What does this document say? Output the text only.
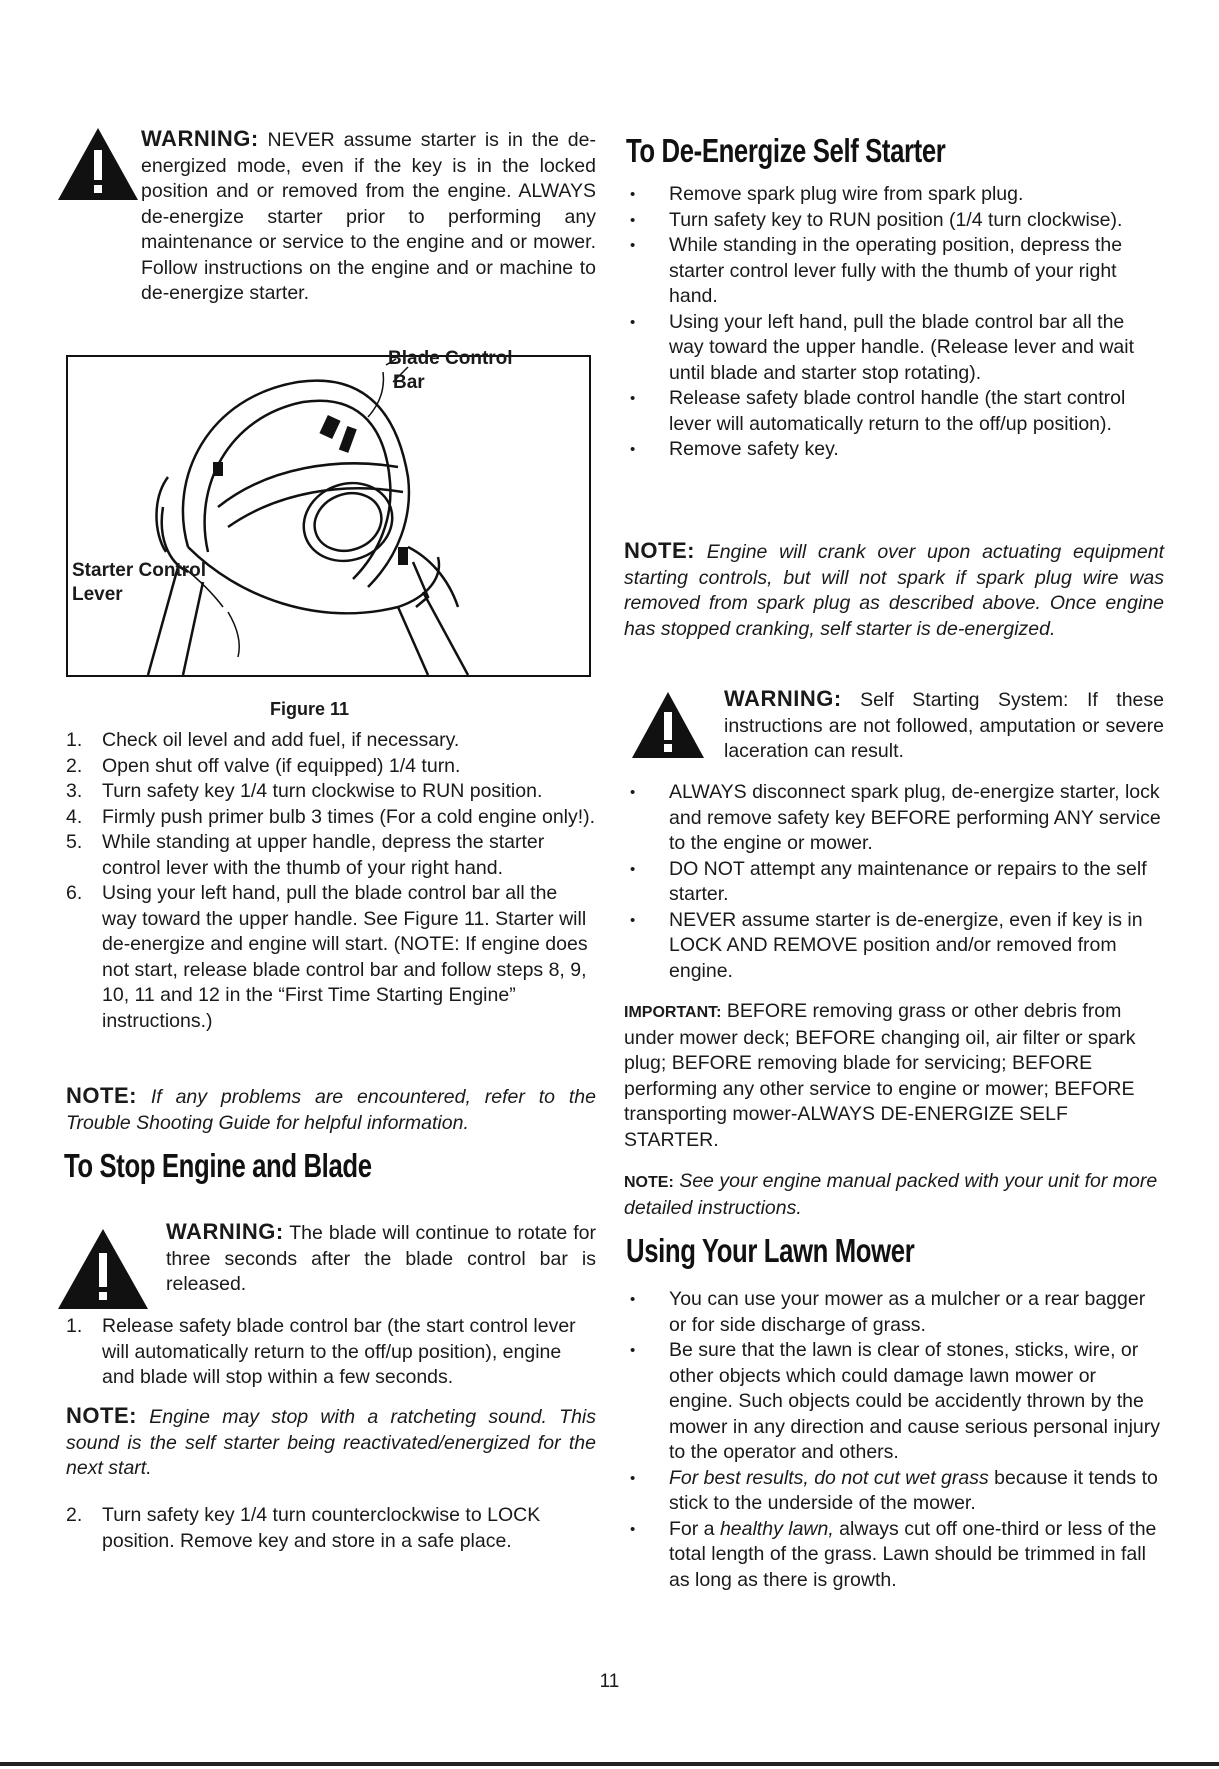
WARNING: NEVER assume starter is in the de-energized mode, even if the key is in the locked position and or removed from the engine. ALWAYS de-energize starter prior to performing any maintenance or service to the engine and or mower. Follow instructions on the engine and or machine to de-energize starter.
Blade Control
Bar
Starter Control
Lever
Figure 11
1.	Check oil level and add fuel, if necessary.
2.	Open shut off valve (if equipped) 1/4 turn.
3.	Turn safety key 1/4 turn clockwise to RUN position.
4.	Firmly push primer bulb 3 times (For a cold engine only!).
5.	While standing at upper handle, depress the starter control lever with the thumb of your right hand.
6.	Using your left hand, pull the blade control bar all the way toward the upper handle. See Figure 11. Starter will de-energize and engine will start. (NOTE: If engine does not start, release blade control bar and follow steps 8, 9, 10, 11 and 12 in the “First Time Starting Engine” instructions.)
NOTE: If any problems are encountered, refer to the Trouble Shooting Guide for helpful information.
To Stop Engine and Blade
WARNING: The blade will continue to rotate for three seconds after the blade control bar is released.
1.	Release safety blade control bar (the start control lever will automatically return to the off/up position), engine and blade will stop within a few seconds.
NOTE: Engine may stop with a ratcheting sound. This sound is the self starter being reactivated/energized for the next start.
2.	Turn safety key 1/4 turn counterclockwise to LOCK position. Remove key and store in a safe place.
To De-Energize Self Starter
• Remove spark plug wire from spark plug.
• Turn safety key to RUN position (1/4 turn clockwise).
• While standing in the operating position, depress the starter control lever fully with the thumb of your right hand.
• Using your left hand, pull the blade control bar all the way toward the upper handle. (Release lever and wait until blade and starter stop rotating).
• Release safety blade control handle (the start control lever will automatically return to the off/up position).
• Remove safety key.
NOTE: Engine will crank over upon actuating equipment starting controls, but will not spark if spark plug wire was removed from spark plug as described above. Once engine has stopped cranking, self starter is de-energized.
WARNING: Self Starting System: If these instructions are not followed, amputation or severe laceration can result.
• ALWAYS disconnect spark plug, de-energize starter, lock and remove safety key BEFORE performing ANY service to the engine or mower.
• DO NOT attempt any maintenance or repairs to the self starter.
• NEVER assume starter is de-energize, even if key is in LOCK AND REMOVE position and/or removed from engine.
IMPORTANT: BEFORE removing grass or other debris from under mower deck; BEFORE changing oil, air filter or spark plug; BEFORE removing blade for servicing; BEFORE performing any other service to engine or mower; BEFORE transporting mower-ALWAYS DE-ENERGIZE SELF STARTER.
NOTE: See your engine manual packed with your unit for more detailed instructions.
Using Your Lawn Mower
• You can use your mower as a mulcher or a rear bagger or for side discharge of grass.
• Be sure that the lawn is clear of stones, sticks, wire, or other objects which could damage lawn mower or engine. Such objects could be accidently thrown by the mower in any direction and cause serious personal injury to the operator and others.
• For best results, do not cut wet grass because it tends to stick to the underside of the mower.
• For a healthy lawn, always cut off one-third or less of the total length of the grass. Lawn should be trimmed in fall as long as there is growth.
11
